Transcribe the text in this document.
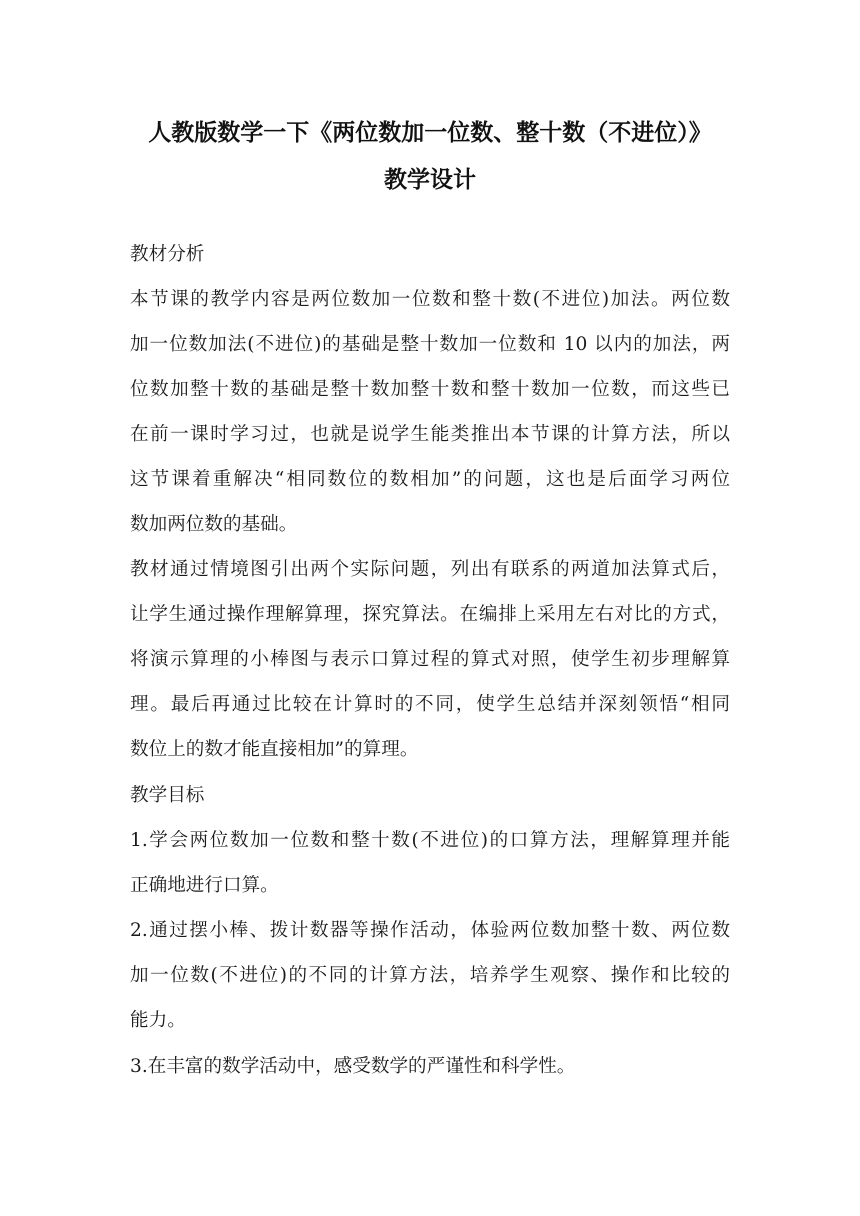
人教版数学一下《两位数加一位数、整十数（不进位）》
教学设计
教材分析
本节课的教学内容是两位数加一位数和整十数(不进位)加法。两位数
加一位数加法(不进位)的基础是整十数加一位数和 10 以内的加法，两
位数加整十数的基础是整十数加整十数和整十数加一位数，而这些已
在前一课时学习过，也就是说学生能类推出本节课的计算方法，所以
这节课着重解决“相同数位的数相加”的问题，这也是后面学习两位
数加两位数的基础。
教材通过情境图引出两个实际问题，列出有联系的两道加法算式后，
让学生通过操作理解算理，探究算法。在编排上采用左右对比的方式，
将演示算理的小棒图与表示口算过程的算式对照，使学生初步理解算
理。最后再通过比较在计算时的不同，使学生总结并深刻领悟“相同
数位上的数才能直接相加”的算理。
教学目标
1.学会两位数加一位数和整十数(不进位)的口算方法，理解算理并能
正确地进行口算。
2.通过摆小棒、拨计数器等操作活动，体验两位数加整十数、两位数
加一位数(不进位)的不同的计算方法，培养学生观察、操作和比较的
能力。
3.在丰富的数学活动中，感受数学的严谨性和科学性。
